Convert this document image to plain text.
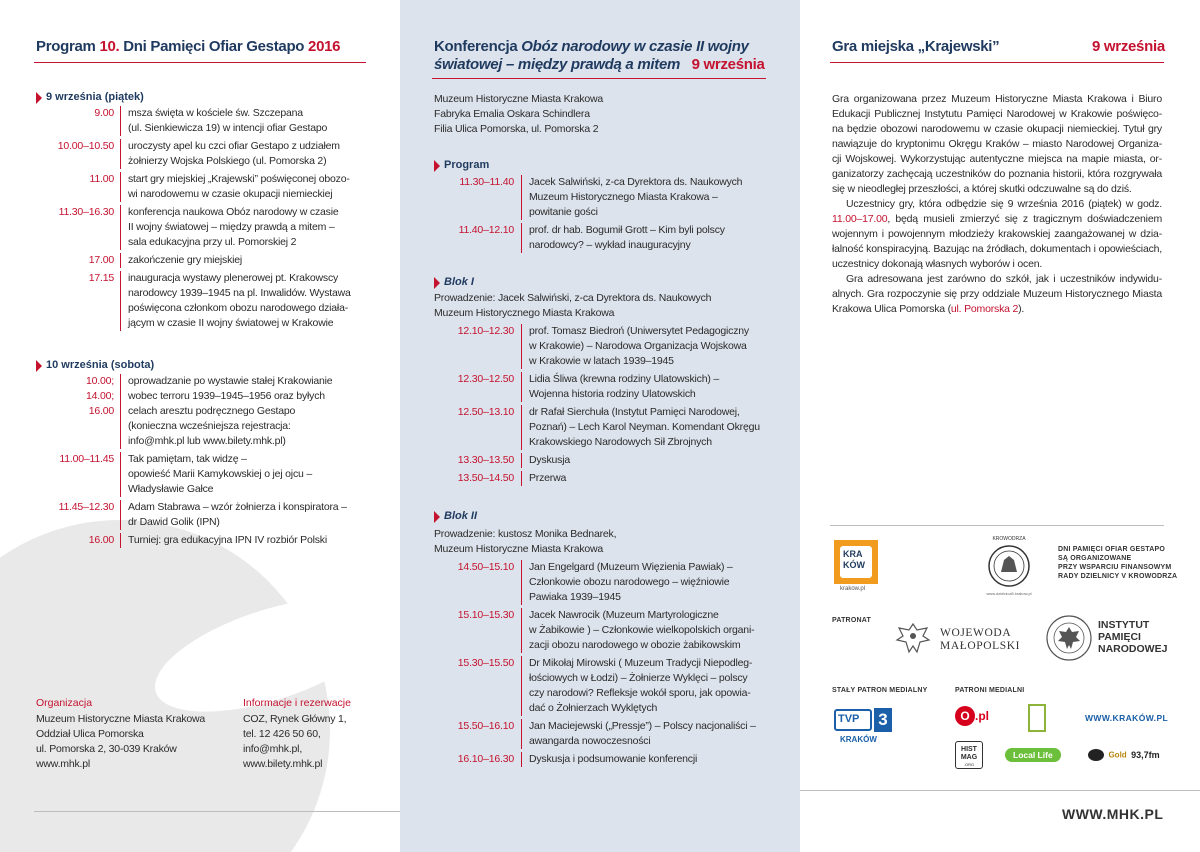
Program 10. Dni Pamięci Ofiar Gestapo 2016
9 września (piątek)
9.00 msza święta w kościele św. Szczepana
(ul. Sienkiewicza 19) w intencji ofiar Gestapo
10.00–10.50 uroczysty apel ku czci ofiar Gestapo z udziałem
żołnierzy Wojska Polskiego (ul. Pomorska 2)
11.00 start gry miejskiej „Krajewski” poświęconej obozo-
wi narodowemu w czasie okupacji niemieckiej
11.30–16.30 konferencja naukowa Obóz narodowy w czasie
II wojny światowej – między prawdą a mitem –
sala edukacyjna przy ul. Pomorskiej 2
17.00 zakończenie gry miejskiej
17.15 inauguracja wystawy plenerowej pt. Krakowscy
narodowcy 1939–1945 na pl. Inwalidów. Wystawa
poświęcona członkom obozu narodowego działa-
jącym w czasie II wojny światowej w Krakowie
10 września (sobota)
10.00;
14.00;
16.00
oprowadzanie po wystawie stałej Krakowianie
wobec terroru 1939–1945–1956 oraz byłych
celach aresztu podręcznego Gestapo
(konieczna wcześniejsza rejestracja:
info@mhk.pl lub www.bilety.mhk.pl)
11.00–11.45 Tak pamiętam, tak widzę –
opowieść Marii Kamykowskiej o jej ojcu –
Władysławie Gałce
11.45–12.30 Adam Stabrawa – wzór żołnierza i konspiratora –
dr Dawid Golik (IPN)
16.00 Turniej: gra edukacyjna IPN IV rozbiór Polski
Organizacja
Muzeum Historyczne Miasta Krakowa
Oddział Ulica Pomorska
ul. Pomorska 2, 30-039 Kraków
www.mhk.pl
Informacje i rezerwacje
COZ, Rynek Główny 1,
tel. 12 426 50 60,
info@mhk.pl,
www.bilety.mhk.pl
Konferencja Obóz narodowy w czasie II wojny
światowej – między prawdą a mitem 9 września
Muzeum Historyczne Miasta Krakowa
Fabryka Emalia Oskara Schindlera
Filia Ulica Pomorska, ul. Pomorska 2
Program
11.30–11.40 Jacek Salwiński, z-ca Dyrektora ds. Naukowych
Muzeum Historycznego Miasta Krakowa –
powitanie gości
11.40–12.10 prof. dr hab. Bogumił Grott – Kim byli polscy
narodowcy? – wykład inauguracyjny
Blok I
Prowadzenie: Jacek Salwiński, z-ca Dyrektora ds. Naukowych
Muzeum Historycznego Miasta Krakowa
12.10–12.30 prof. Tomasz Biedroń (Uniwersytet Pedagogiczny
w Krakowie) – Narodowa Organizacja Wojskowa
w Krakowie w latach 1939–1945
12.30–12.50 Lidia Śliwa (krewna rodziny Ulatowskich) –
Wojenna historia rodziny Ulatowskich
12.50–13.10 dr Rafał Sierchuła (Instytut Pamięci Narodowej,
Poznań) – Lech Karol Neyman. Komendant Okręgu
Krakowskiego Narodowych Sił Zbrojnych
13.30–13.50 Dyskusja
13.50–14.50 Przerwa
Blok II
Prowadzenie: kustosz Monika Bednarek,
Muzeum Historyczne Miasta Krakowa
14.50–15.10 Jan Engelgard (Muzeum Więzienia Pawiak) –
Członkowie obozu narodowego – więźniowie
Pawiaka 1939–1945
15.10–15.30 Jacek Nawrocik (Muzeum Martyrologiczne
w Żabikowie ) – Członkowie wielkopolskich organi-
zacji obozu narodowego w obozie żabikowskim
15.30–15.50 Dr Mikołaj Mirowski ( Muzeum Tradycji Niepodleg-
łościowych w Łodzi) – Żołnierze Wyklęci – polscy
czy narodowi? Refleksje wokół sporu, jak opowia-
dać o Żołnierzach Wyklętych
15.50–16.10 Jan Maciejewski („Pressje”) – Polscy nacjonaliści –
awangarda nowoczesności
16.10–16.30 Dyskusja i podsumowanie konferencji
Gra miejska „Krajewski”	9 września

Gra organizowana przez Muzeum Historyczne Miasta Krakowa i Biuro Edukacji Publicznej Instytutu Pamięci Narodowej w Krakowie poświęco-na będzie obozowi narodowemu w czasie okupacji niemieckiej. Tytuł gry nawiązuje do kryptonimu Okręgu Kraków – miasto Narodowej Organiza-cji Wojskowej. Wykorzystując autentyczne miejsca na mapie miasta, or-ganizatorzy zachęcają uczestników do poznania historii, która rozgrywała się w nieodległej przeszłości, a której skutki odczuwalne są do dziś.

Uczestnicy gry, która odbędzie się 9 września 2016 (piątek) w godz. 11.00–17.00, będą musieli zmierzyć się z tragicznym doświadczeniem wojennym i powojennym młodzieży krakowskiej zaangażowanej w dzia-łalność konspiracyjną. Bazując na źródłach, dokumentach i opowieściach, uczestnicy dokonają własnych wyborów i ocen.

Gra adresowana jest zarówno do szkół, jak i uczestników indywidu-alnych. Gra rozpoczynie się przy oddziale Muzeum Historycznego Miasta Krakowa Ulica Pomorska (ul. Pomorska 2).

KRA
KÓW
krakow.pl
KROWODRZA
www.dzielnica5.krakow.pl
DNI PAMIĘCI OFIAR GESTAPO
SĄ ORGANIZOWANE
PRZY WSPARCIU FINANSOWYM
RADY DZIELNICY V KROWODRZA
PATRONAT
WOJEWODA
MAŁOPOLSKI
INSTYTUT
PAMIĘCI
NARODOWEJ
STAŁY PATRON MEDIALNY	PATRONI MEDIALNI
TVP 3
KRAKÓW
O .pl	WWW.KRAKÓW.PL
HIST
MAG
.ORG
Local Life	Gold 93,7fm
WWW.MHK.PL
